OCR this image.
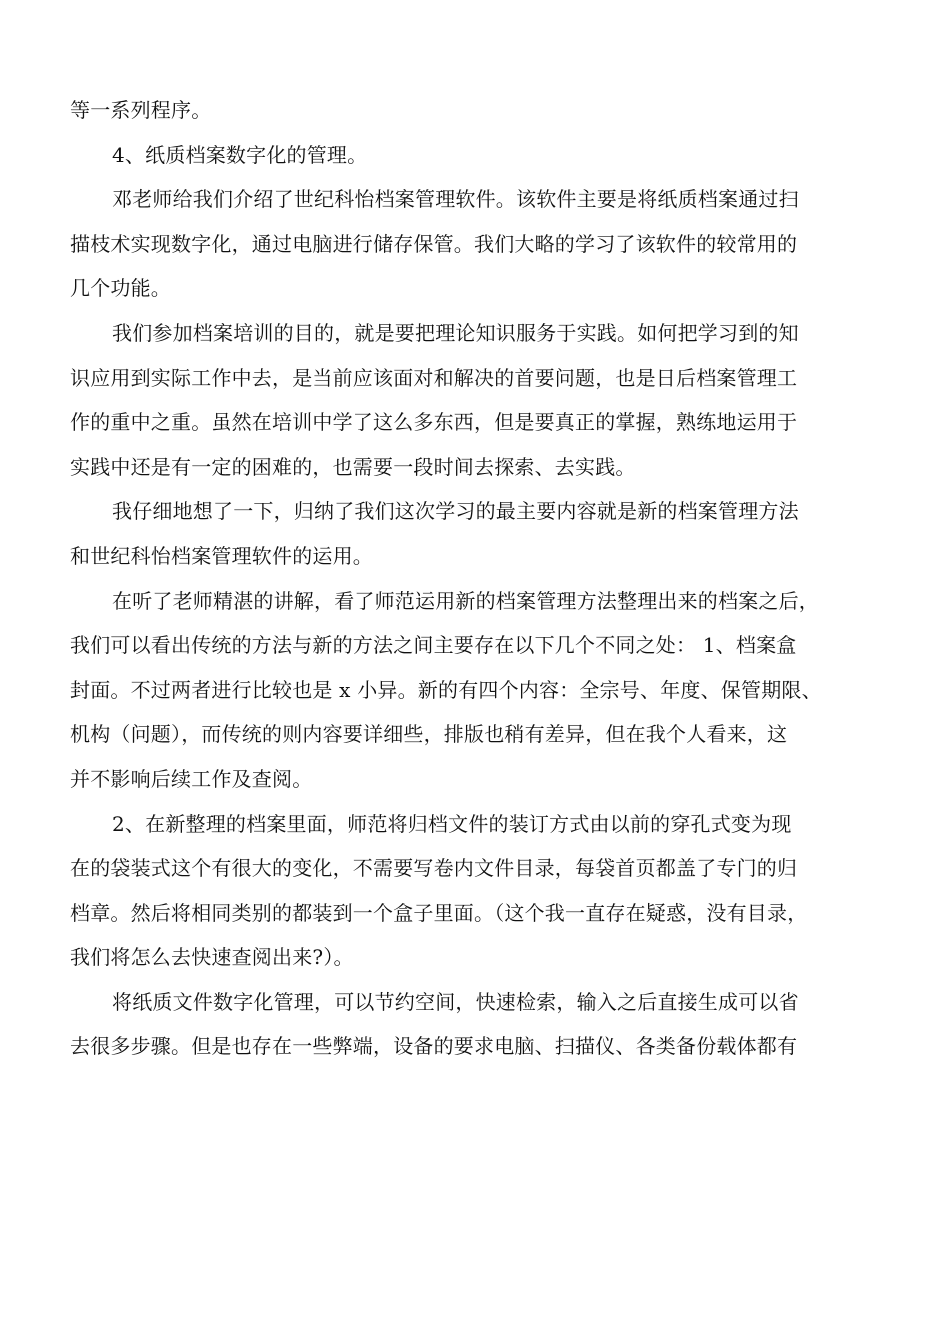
等一系列程序。
4、纸质档案数字化的管理。
邓老师给我们介绍了世纪科怡档案管理软件。该软件主要是将纸质档案通过扫
描枝术实现数字化，通过电脑进行储存保管。我们大略的学习了该软件的较常用的
几个功能。
我们参加档案培训的目的，就是要把理论知识服务于实践。如何把学习到的知
识应用到实际工作中去，是当前应该面对和解决的首要问题，也是日后档案管理工
作的重中之重。虽然在培训中学了这么多东西，但是要真正的掌握，熟练地运用于
实践中还是有一定的困难的，也需要一段时间去探索、去实践。
我仔细地想了一下，归纳了我们这次学习的最主要内容就是新的档案管理方法
和世纪科怡档案管理软件的运用。
在听了老师精湛的讲解，看了师范运用新的档案管理方法整理出来的档案之后，
我们可以看出传统的方法与新的方法之间主要存在以下几个不同之处： 1、档案盒
封面。不过两者进行比较也是 x 小异。新的有四个内容：全宗号、年度、保管期限、
机构（问题），而传统的则内容要详细些，排版也稍有差异，但在我个人看来，这
并不影响后续工作及查阅。
2、在新整理的档案里面，师范将归档文件的装订方式由以前的穿孔式变为现
在的袋装式这个有很大的变化，不需要写卷内文件目录，每袋首页都盖了专门的归
档章。然后将相同类别的都装到一个盒子里面。（这个我一直存在疑惑，没有目录，
我们将怎么去快速查阅出来?）。
将纸质文件数字化管理，可以节约空间，快速检索，输入之后直接生成可以省
去很多步骤。但是也存在一些弊端，设备的要求电脑、扫描仪、各类备份载体都有
